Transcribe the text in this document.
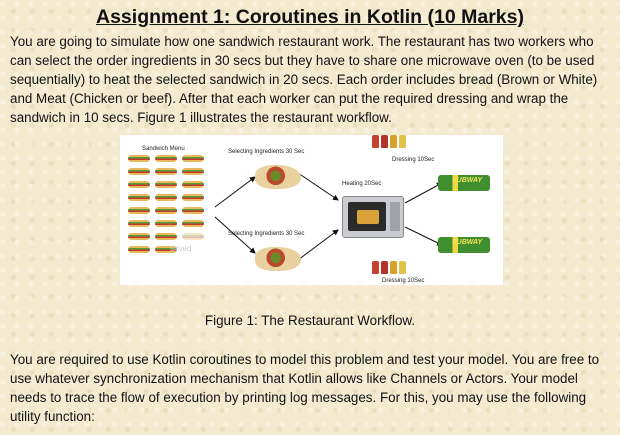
Assignment 1: Coroutines in Kotlin (10 Marks)

You are going to simulate how one sandwich restaurant work. The restaurant has two workers who can select the order ingredients in 30 secs but they have to share one microwave oven (to be used sequentially) to heat the selected sandwich in 20 secs. Each order includes bread (Brown or White) and Meat (Chicken or beef). After that each worker can put the required dressing and wrap the sandwich in 10 secs. Figure 1 illustrates the restaurant workflow.

Sandwich Menu
sirved
Selecting Ingredients 30 Sec
Selecting Ingredients 30 Sec
Heating 20Sec
Dressing 10Sec
SUBWAY
SUBWAY
Dressing 10Sec
Figure 1: The Restaurant Workflow.

You are required to use Kotlin coroutines to model this problem and test your model. You are free to use whatever synchronization mechanism that Kotlin allows like Channels or Actors. Your model needs to trace the flow of execution by printing log messages. For this, you may use the following utility function:
